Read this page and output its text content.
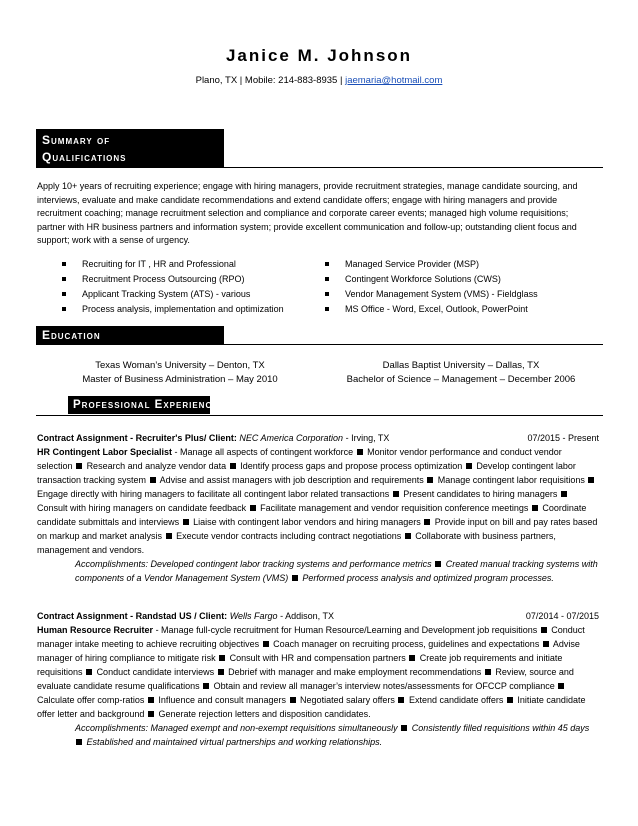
Janice M. Johnson
Plano, TX | Mobile: 214-883-8935 | jaemaria@hotmail.com
Summary of
Qualifications
Apply 10+ years of recruiting experience; engage with hiring managers, provide recruitment strategies, manage candidate sourcing, and interviews, evaluate and make candidate recommendations and extend candidate offers; engage with hiring managers and provide recruitment coaching; manage recruitment selection and compliance and corporate career events; managed high volume requisitions; partner with HR business partners and information system; provide excellent communication and follow-up; outstanding client focus and support; work with a sense of urgency.
Recruiting for IT , HR and Professional
Recruitment Process Outsourcing (RPO)
Applicant Tracking System (ATS) - various
Process analysis, implementation and optimization
Managed Service Provider (MSP)
Contingent Workforce Solutions (CWS)
Vendor Management System (VMS) - Fieldglass
MS Office - Word, Excel, Outlook, PowerPoint
Education
Texas Woman’s University – Denton, TX
Master of Business Administration – May 2010
Dallas Baptist University – Dallas, TX
Bachelor of Science – Management – December 2006
Professional Experience
Contract Assignment - Recruiter's Plus/ Client: NEC America Corporation - Irving, TX	07/2015 - Present
HR Contingent Labor Specialist - Manage all aspects of contingent workforce Monitor vendor performance and conduct vendor selection Research and analyze vendor data Identify process gaps and propose process optimization Develop contingent labor transaction tracking system Advise and assist managers with job description and requirements Manage contingent labor requisitions  Engage directly with hiring managers to facilitate all contingent labor related transactions Present candidates to hiring managers  Consult with hiring managers on candidate feedback Facilitate management and vendor requisition conference meetings Coordinate candidate submittals and interviews Liaise with contingent labor vendors and hiring managers Provide input on bill and pay rates based on markup and market analysis Execute vendor contracts including contract negotiations Collaborate with business partners, management and vendors.
Accomplishments: Developed contingent labor tracking systems and performance metrics Created manual tracking systems with components of a Vendor Management System (VMS) Performed process analysis and optimized program processes.
Contract Assignment - Randstad US / Client: Wells Fargo - Addison, TX	07/2014 - 07/2015
Human Resource Recruiter - Manage full-cycle recruitment for Human Resource/Learning and Development job requisitions Conduct manager intake meeting to achieve recruiting objectives Coach manager on recruiting process, guidelines and expectations Advise manager of hiring compliance to mitigate risk Consult with HR and compensation partners Create job requirements and initiate requisitions Conduct candidate interviews Debrief with manager and make employment recommendations Review, source and evaluate candidate resume qualifications Obtain and review all manager’s interview notes/assessments for OFCCP compliance  Calculate offer comp-ratios Influence and consult managers Negotiated salary offers Extend candidate offers Initiate candidate offer letter and background Generate rejection letters and disposition candidates.
Accomplishments: Managed exempt and non-exempt requisitions simultaneously Consistently filled requisitions within 45 days  Established and maintained virtual partnerships and working relationships.
